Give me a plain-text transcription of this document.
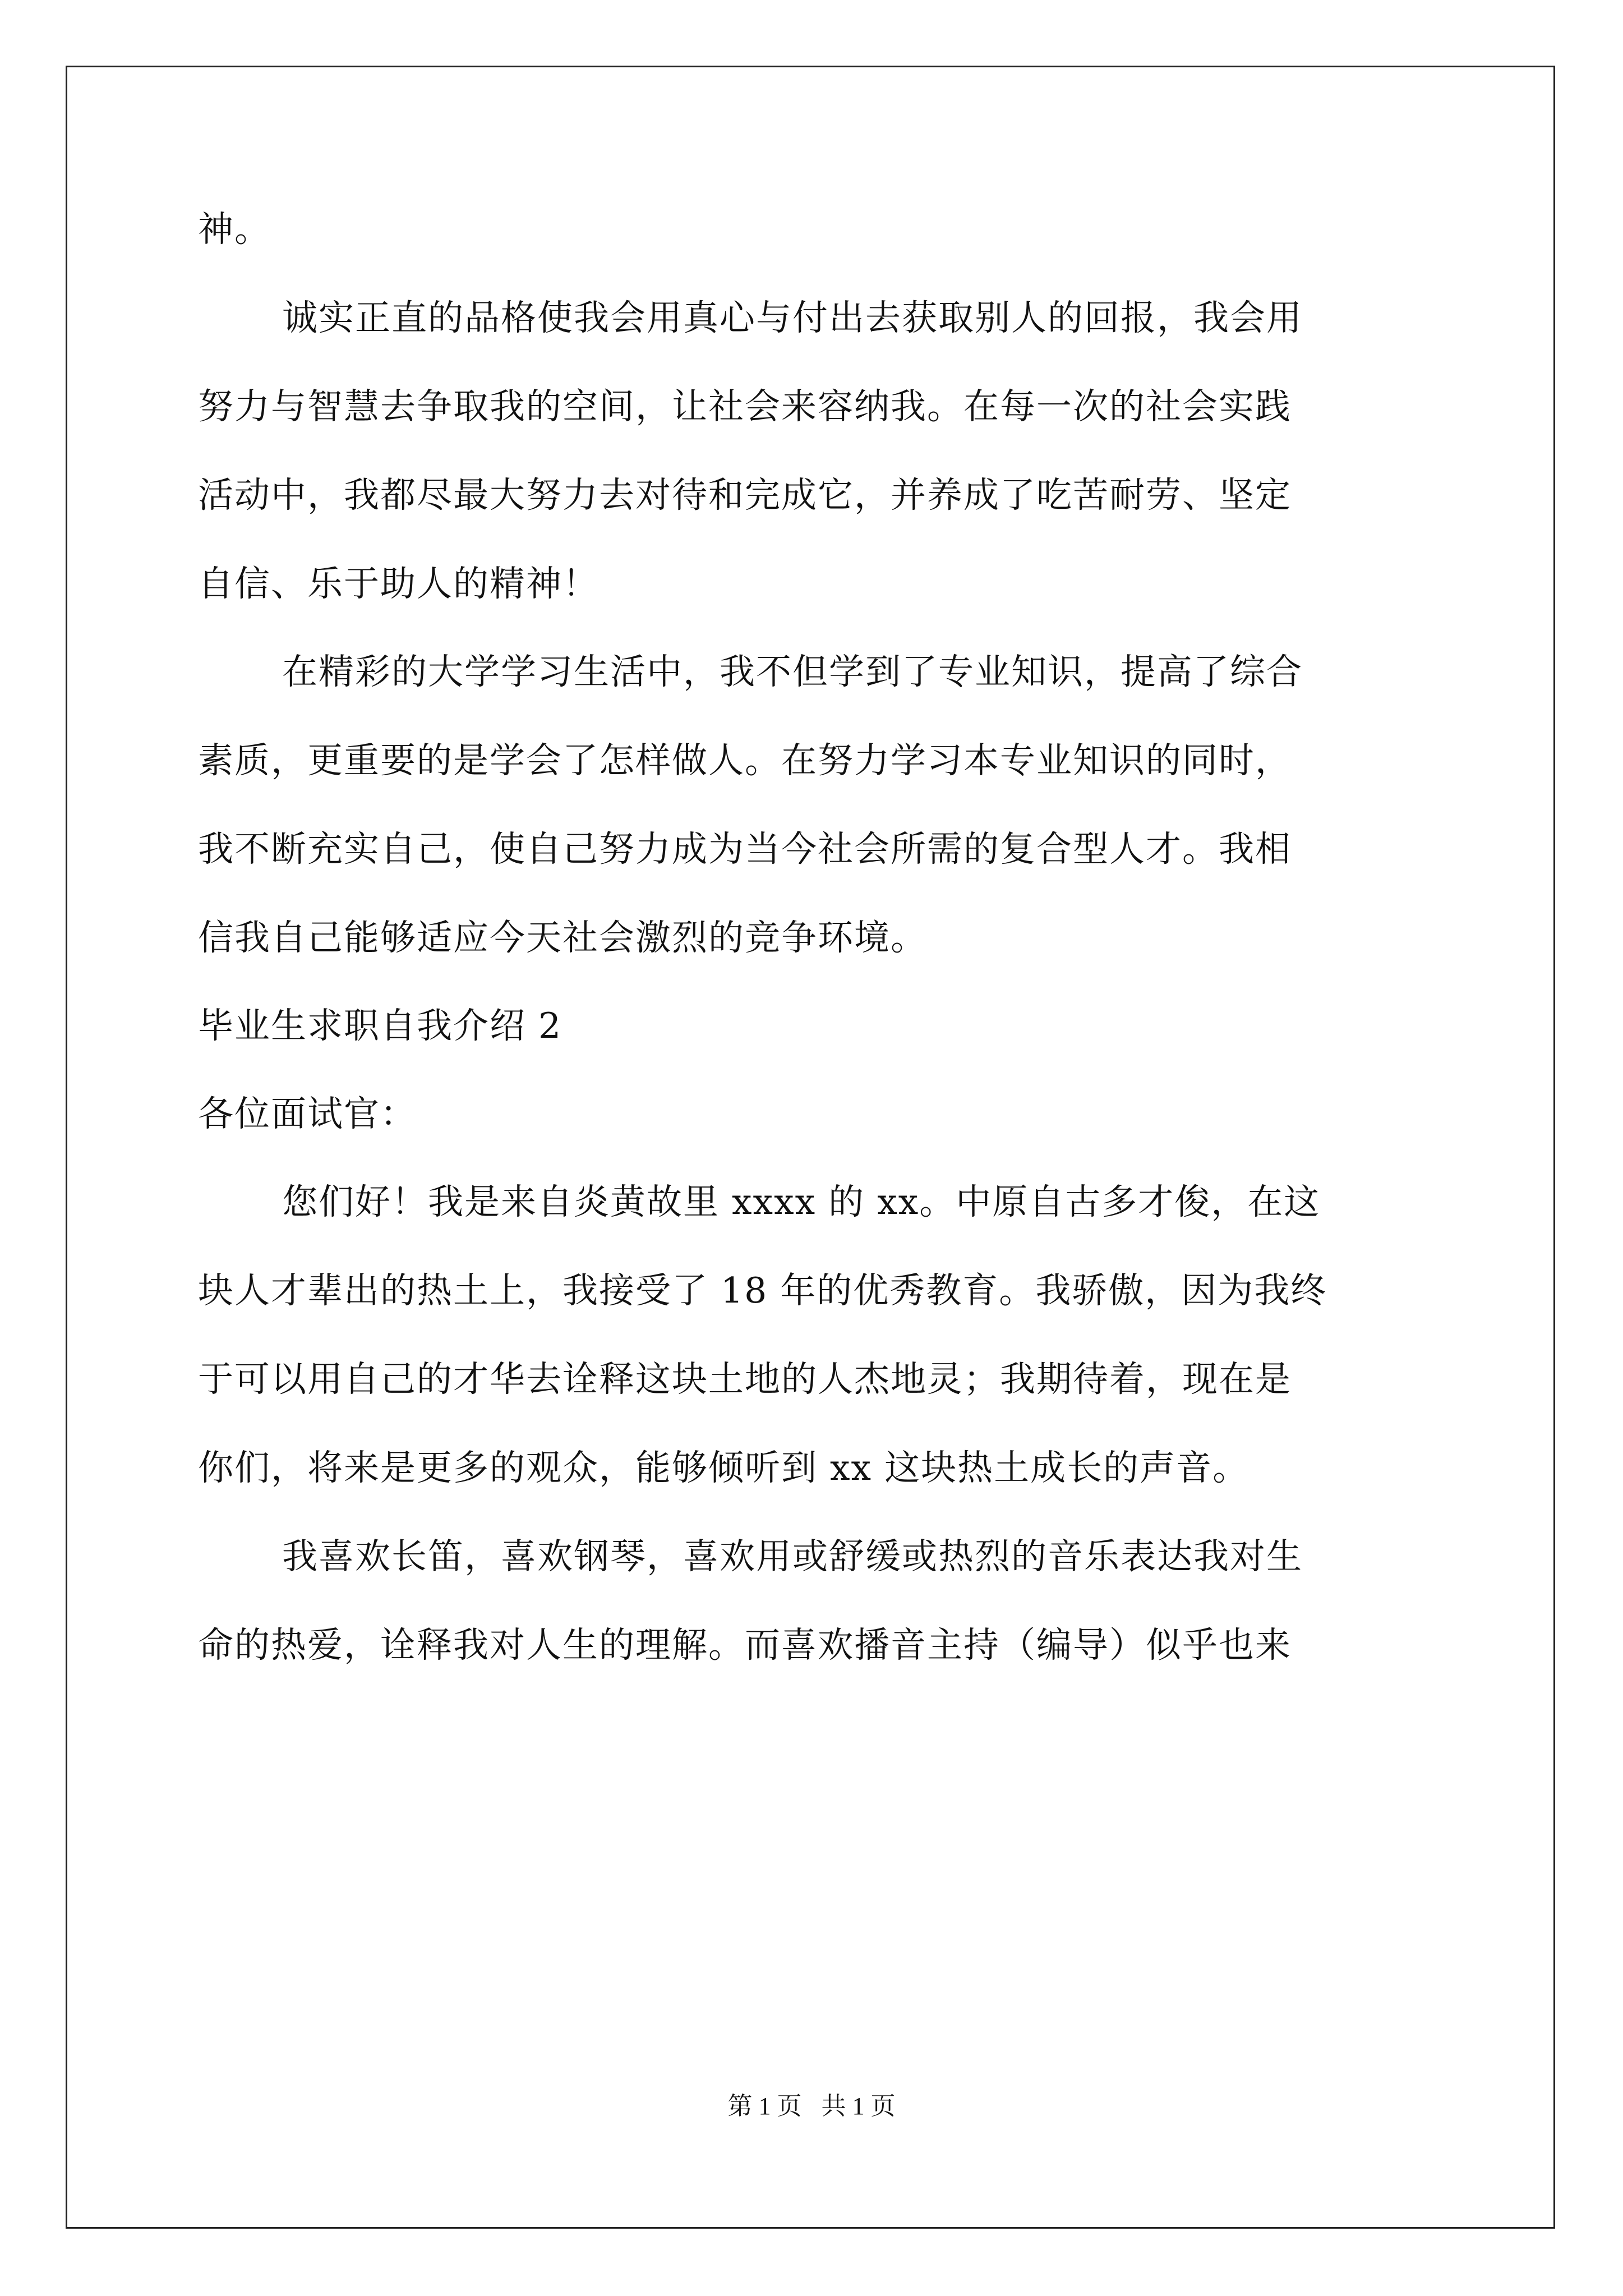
神。
诚实正直的品格使我会用真心与付出去获取别人的回报，我会用
努力与智慧去争取我的空间，让社会来容纳我。在每一次的社会实践
活动中，我都尽最大努力去对待和完成它，并养成了吃苦耐劳、坚定
自信、乐于助人的精神！
在精彩的大学学习生活中，我不但学到了专业知识，提高了综合
素质，更重要的是学会了怎样做人。在努力学习本专业知识的同时，
我不断充实自己，使自己努力成为当今社会所需的复合型人才。我相
信我自己能够适应今天社会激烈的竞争环境。
毕业生求职自我介绍 2
各位面试官：
您们好！我是来自炎黄故里 xxxx 的 xx。中原自古多才俊，在这
块人才辈出的热土上，我接受了 18 年的优秀教育。我骄傲，因为我终
于可以用自己的才华去诠释这块土地的人杰地灵；我期待着，现在是
你们，将来是更多的观众，能够倾听到 xx 这块热土成长的声音。
我喜欢长笛，喜欢钢琴，喜欢用或舒缓或热烈的音乐表达我对生
命的热爱，诠释我对人生的理解。而喜欢播音主持（编导）似乎也来
第 1 页 共 1 页
